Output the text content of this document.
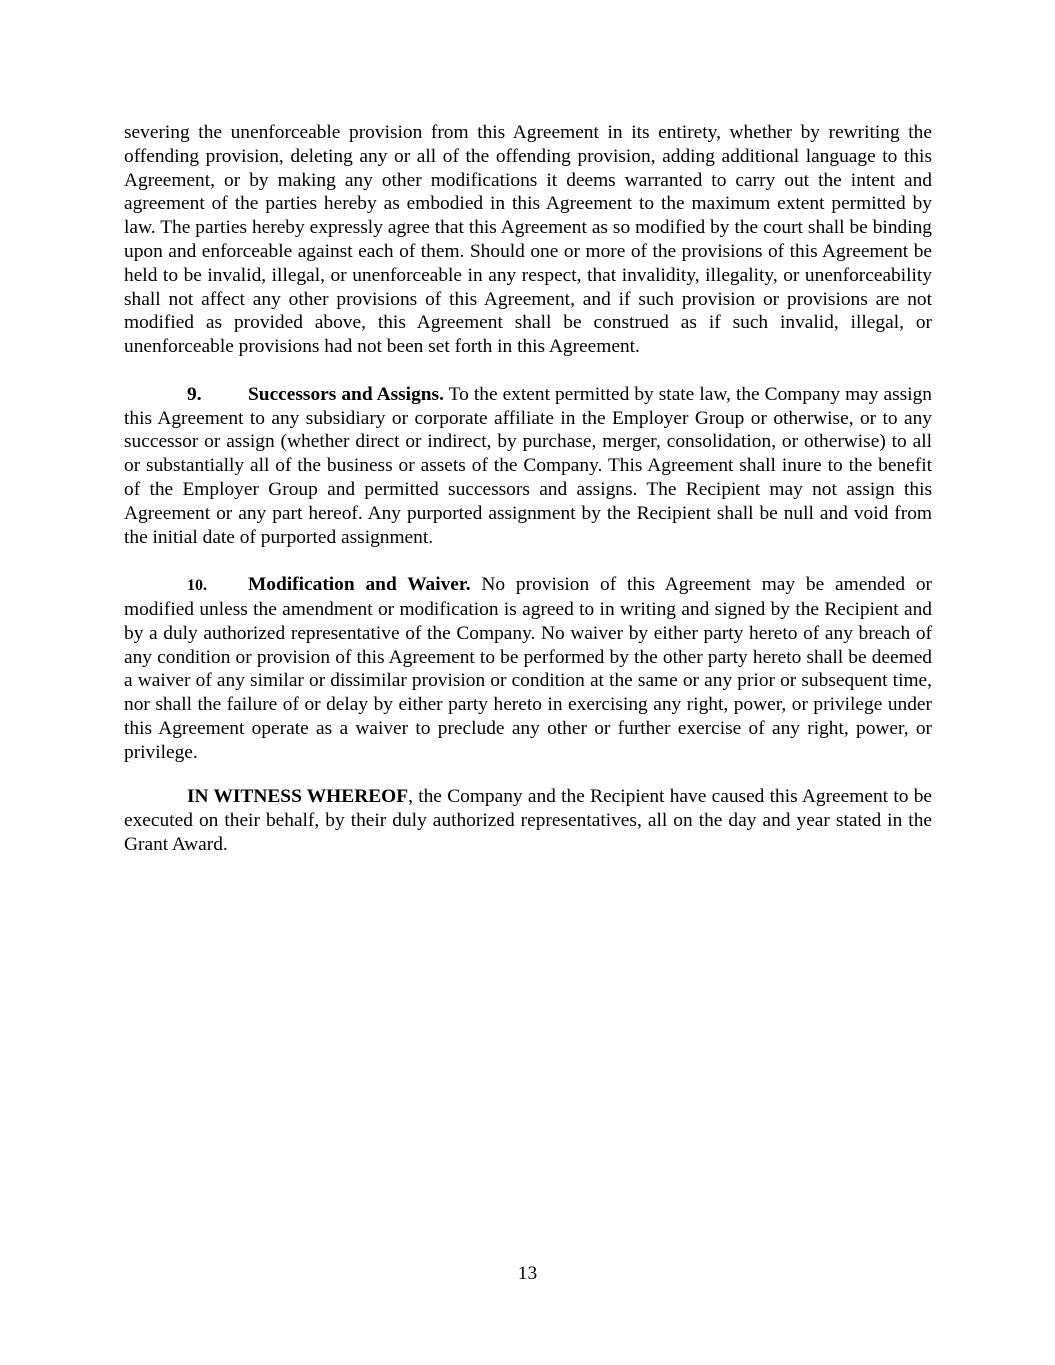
severing the unenforceable provision from this Agreement in its entirety, whether by rewriting the offending provision, deleting any or all of the offending provision, adding additional language to this Agreement, or by making any other modifications it deems warranted to carry out the intent and agreement of the parties hereby as embodied in this Agreement to the maximum extent permitted by law. The parties hereby expressly agree that this Agreement as so modified by the court shall be binding upon and enforceable against each of them. Should one or more of the provisions of this Agreement be held to be invalid, illegal, or unenforceable in any respect, that invalidity, illegality, or unenforceability shall not affect any other provisions of this Agreement, and if such provision or provisions are not modified as provided above, this Agreement shall be construed as if such invalid, illegal, or unenforceable provisions had not been set forth in this Agreement.

9. Successors and Assigns. To the extent permitted by state law, the Company may assign this Agreement to any subsidiary or corporate affiliate in the Employer Group or otherwise, or to any successor or assign (whether direct or indirect, by purchase, merger, consolidation, or otherwise) to all or substantially all of the business or assets of the Company. This Agreement shall inure to the benefit of the Employer Group and permitted successors and assigns. The Recipient may not assign this Agreement or any part hereof. Any purported assignment by the Recipient shall be null and void from the initial date of purported assignment.

10. Modification and Waiver. No provision of this Agreement may be amended or modified unless the amendment or modification is agreed to in writing and signed by the Recipient and by a duly authorized representative of the Company. No waiver by either party hereto of any breach of any condition or provision of this Agreement to be performed by the other party hereto shall be deemed a waiver of any similar or dissimilar provision or condition at the same or any prior or subsequent time, nor shall the failure of or delay by either party hereto in exercising any right, power, or privilege under this Agreement operate as a waiver to preclude any other or further exercise of any right, power, or privilege.

IN WITNESS WHEREOF, the Company and the Recipient have caused this Agreement to be executed on their behalf, by their duly authorized representatives, all on the day and year stated in the Grant Award.

13
